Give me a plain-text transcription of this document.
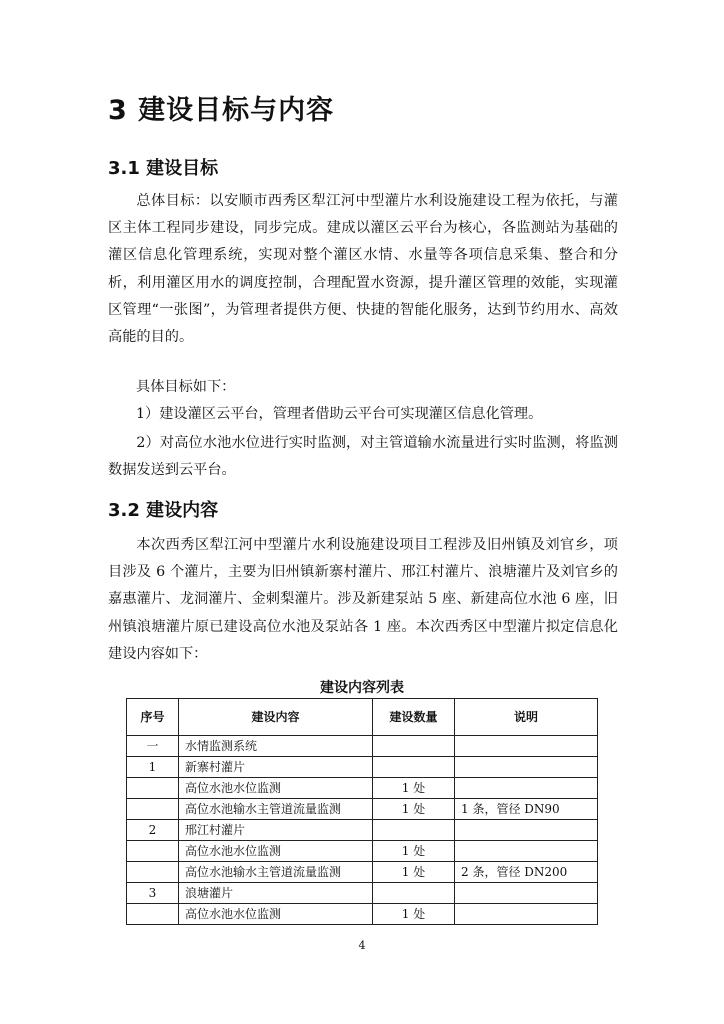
3 建设目标与内容
3.1 建设目标

总体目标：以安顺市西秀区犁江河中型灌片水利设施建设工程为依托，与灌区主体工程同步建设，同步完成。建成以灌区云平台为核心，各监测站为基础的灌区信息化管理系统，实现对整个灌区水情、水量等各项信息采集、整合和分析，利用灌区用水的调度控制，合理配置水资源，提升灌区管理的效能，实现灌区管理“一张图”，为管理者提供方便、快捷的智能化服务，达到节约用水、高效高能的目的。

具体目标如下：
1）建设灌区云平台，管理者借助云平台可实现灌区信息化管理。

2）对高位水池水位进行实时监测，对主管道输水流量进行实时监测，将监测数据发送到云平台。

3.2 建设内容

本次西秀区犁江河中型灌片水利设施建设项目工程涉及旧州镇及刘官乡，项目涉及 6 个灌片，主要为旧州镇新寨村灌片、邢江村灌片、浪塘灌片及刘官乡的嘉惠灌片、龙洞灌片、金刺梨灌片。涉及新建泵站 5 座、新建高位水池 6 座，旧州镇浪塘灌片原已建设高位水池及泵站各 1 座。本次西秀区中型灌片拟定信息化建设内容如下：

建设内容列表
序号	建设内容	建设数量	说明
一	水情监测系统		
1	新寨村灌片		
	高位水池水位监测	1 处	
	高位水池输水主管道流量监测	1 处	1 条，管径 DN90
2	邢江村灌片		
	高位水池水位监测	1 处	
	高位水池输水主管道流量监测	1 处	2 条，管径 DN200
3	浪塘灌片		
	高位水池水位监测	1 处	
4
